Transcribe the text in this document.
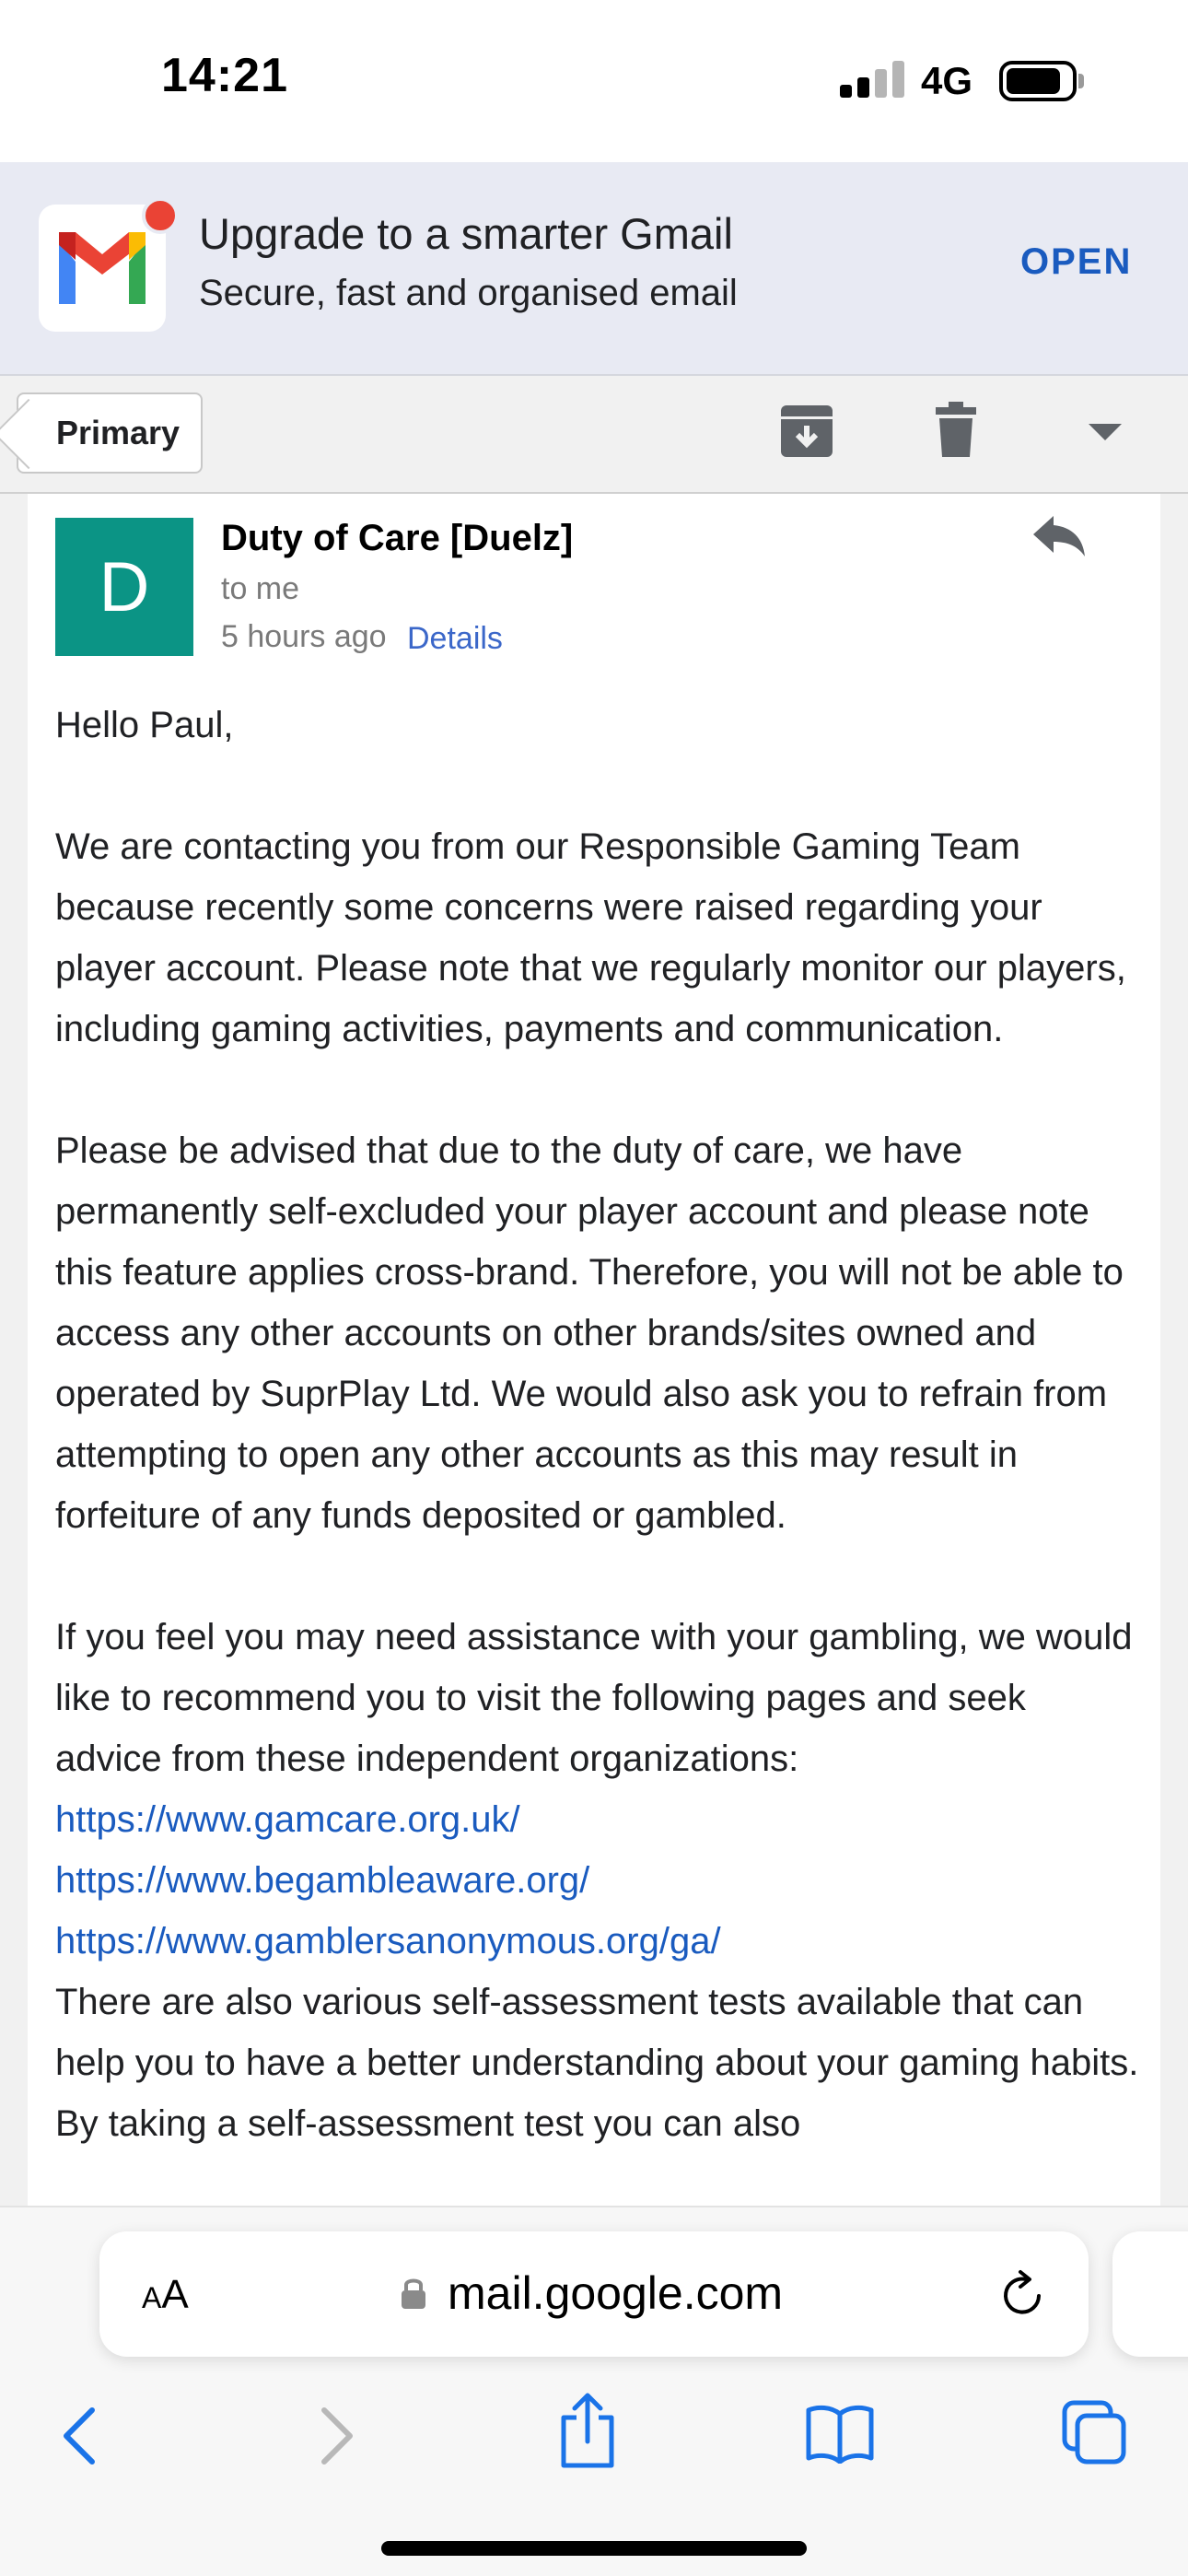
14:21	4G
Upgrade to a smarter Gmail
Secure, fast and organised email
OPEN
Primary
D
Duty of Care [Duelz]
to me
5 hours ago Details

Hello Paul,

We are contacting you from our Responsible Gaming Team because recently some concerns were raised regarding your player account. Please note that we regularly monitor our players, including gaming activities, payments and communication.

Please be advised that due to the duty of care, we have permanently self-excluded your player account and please note this feature applies cross-brand. Therefore, you will not be able to access any other accounts on other brands/sites owned and operated by SuprPlay Ltd. We would also ask you to refrain from attempting to open any other accounts as this may result in forfeiture of any funds deposited or gambled.

If you feel you may need assistance with your gambling, we would like to recommend you to visit the following pages and seek advice from these independent organizations:

https://www.gamcare.org.uk/
https://www.begambleaware.org/
https://www.gamblersanonymous.org/ga/

There are also various self-assessment tests available that can help you to have a better understanding about your gaming habits. By taking a self-assessment test you can also

AA	mail.google.com
